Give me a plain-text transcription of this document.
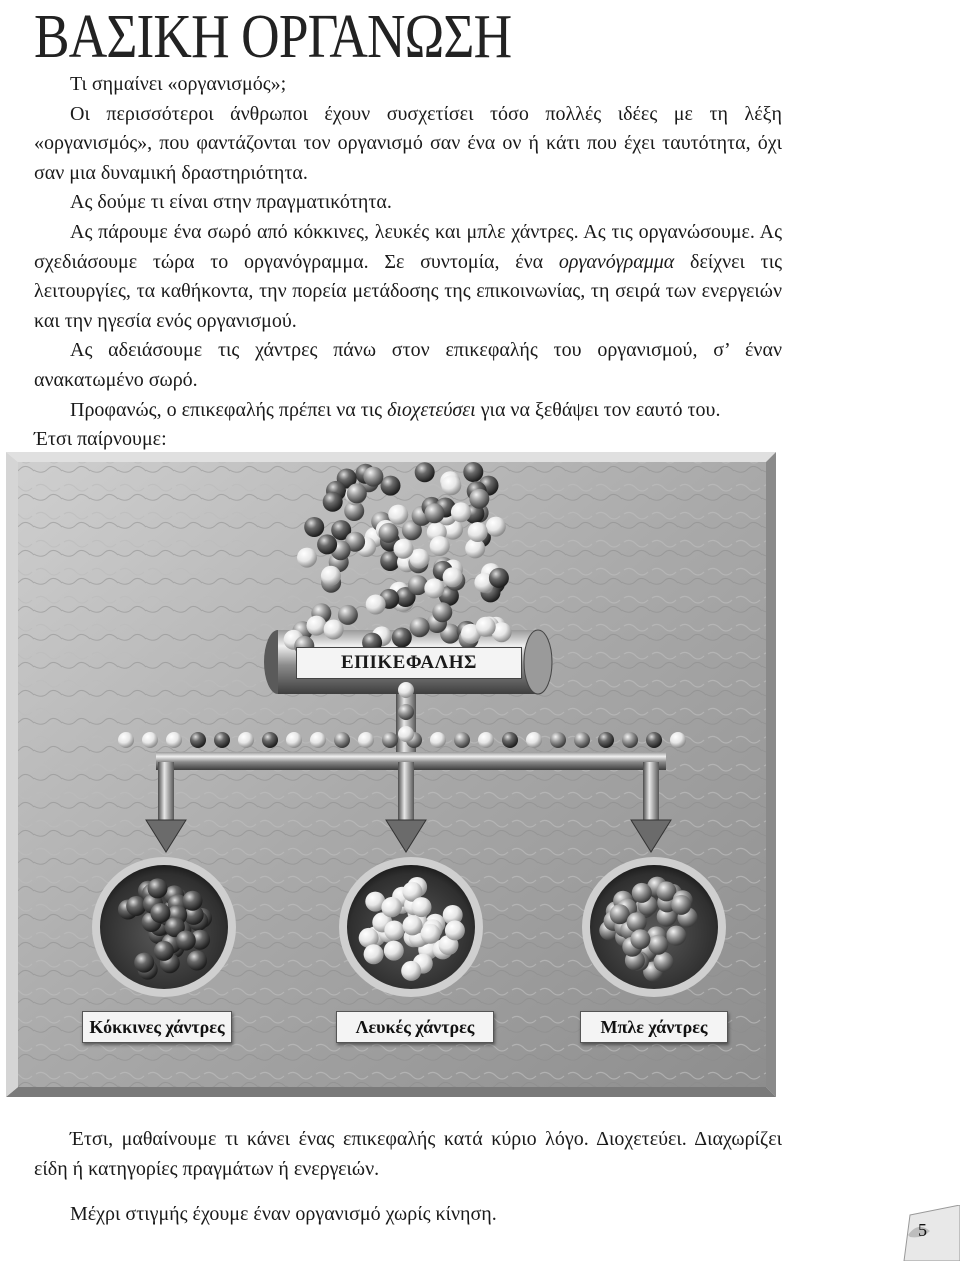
ΒΑΣΙΚΗ ΟΡΓΑΝΩΣΗ

Τι σημαίνει «οργανισμός»;

Οι περισσότεροι άνθρωποι έχουν συσχετίσει τόσο πολλές ιδέες με τη λέξη «οργανισμός», που φαντάζονται τον οργανισμό σαν ένα ον ή κάτι που έχει ταυτότητα, όχι σαν μια δυναμική δραστηριότητα.

Ας δούμε τι είναι στην πραγματικότητα.

Ας πάρουμε ένα σωρό από κόκκινες, λευκές και μπλε χάντρες. Ας τις οργανώσουμε. Ας σχεδιάσουμε τώρα το οργανόγραμμα. Σε συντομία, ένα οργανόγραμμα δείχνει τις λειτουργίες, τα καθήκοντα, την πορεία μετάδοσης της επικοινωνίας, τη σειρά των ενεργειών και την ηγεσία ενός οργανισμού.

Ας αδειάσουμε τις χάντρες πάνω στον επικεφαλής του οργανισμού, σ’ έναν ανακατωμένο σωρό.

Προφανώς, ο επικεφαλής πρέπει να τις διοχετεύσει για να ξεθάψει τον εαυτό του.

Έτσι παίρνουμε:

ΕΠΙΚΕΦΑΛΗΣ
Κόκκινες χάντρες	Λευκές χάντρες	Μπλε χάντρες

Έτσι, μαθαίνουμε τι κάνει ένας επικεφαλής κατά κύριο λόγο. Διοχετεύει. Διαχωρίζει είδη ή κατηγορίες πραγμάτων ή ενεργειών.

Μέχρι στιγμής έχουμε έναν οργανισμό χωρίς κίνηση.

5
